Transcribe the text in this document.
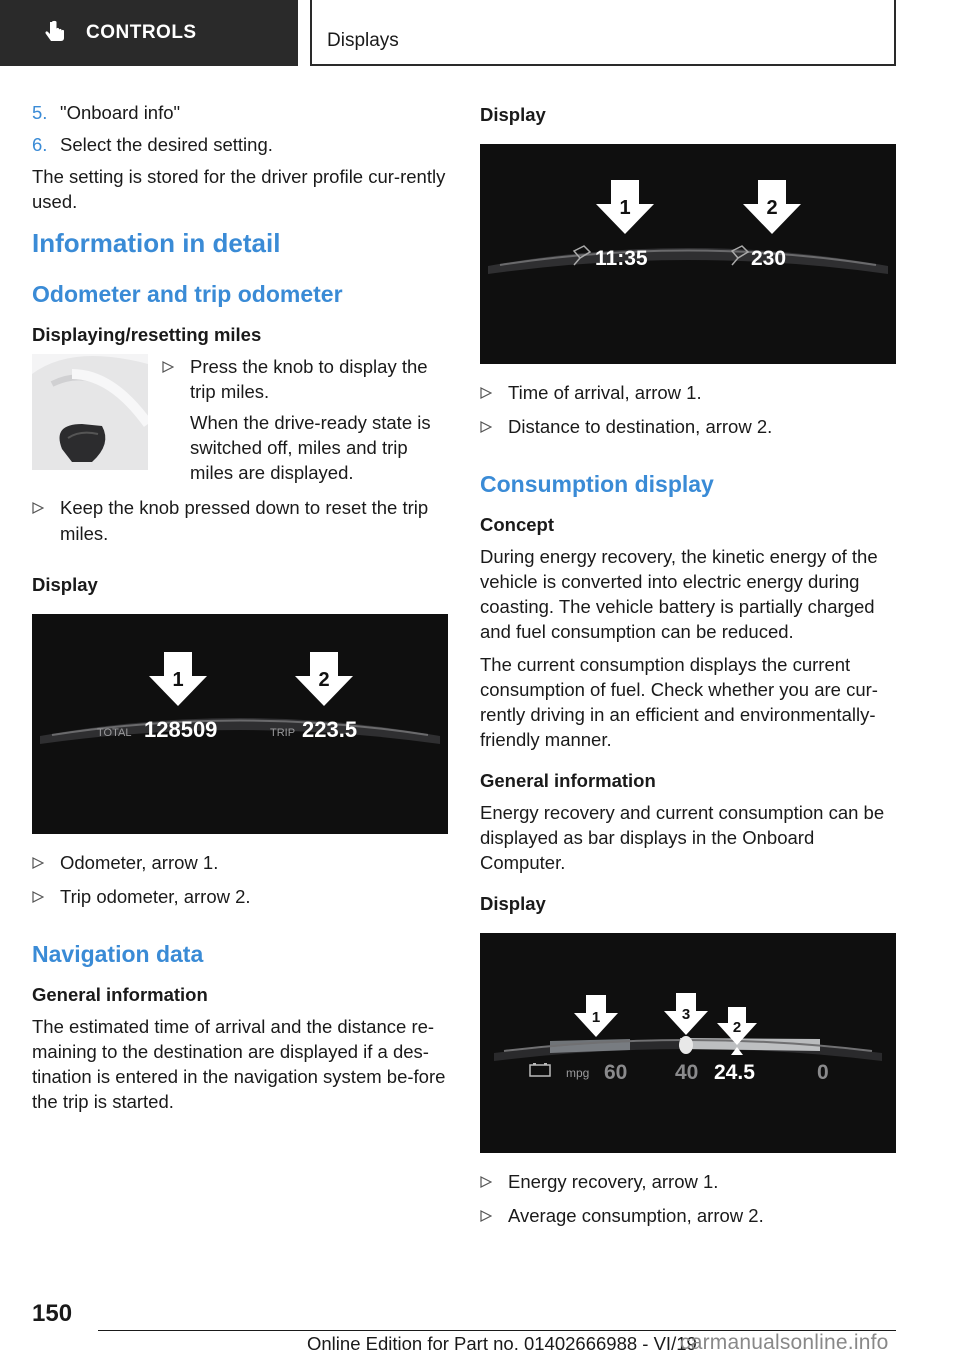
CONTROLS	Displays
5. "Onboard info"
6. Select the desired setting.

The setting is stored for the driver profile cur-rently used.

Information in detail
Odometer and trip odometer
Displaying/resetting miles

Press the knob to display the trip miles.

When the drive-ready state is switched off, miles and trip miles are displayed.

Keep the knob pressed down to reset the trip miles.
Display
1	2
TOTAL 128509	TRIP 223.5
Odometer, arrow 1.
Trip odometer, arrow 2.
Navigation data
General information

The estimated time of arrival and the distance re-maining to the destination are displayed if a des-tination is entered in the navigation system be-fore the trip is started.

Display
1	2
11:35	230
Time of arrival, arrow 1.
Distance to destination, arrow 2.
Consumption display
Concept

During energy recovery, the kinetic energy of the vehicle is converted into electric energy during coasting. The vehicle battery is partially charged and fuel consumption can be reduced.

The current consumption displays the current consumption of fuel. Check whether you are cur-rently driving in an efficient and environmentally-friendly manner.

General information

Energy recovery and current consumption can be displayed as bar displays in the Onboard Computer.

Display
1	3
2
mpg 60 40 24.5	0
Energy recovery, arrow 1.
Average consumption, arrow 2.
150
Online Edition for Part no. 01402666988 - VI/19
carmanualsonline.info
